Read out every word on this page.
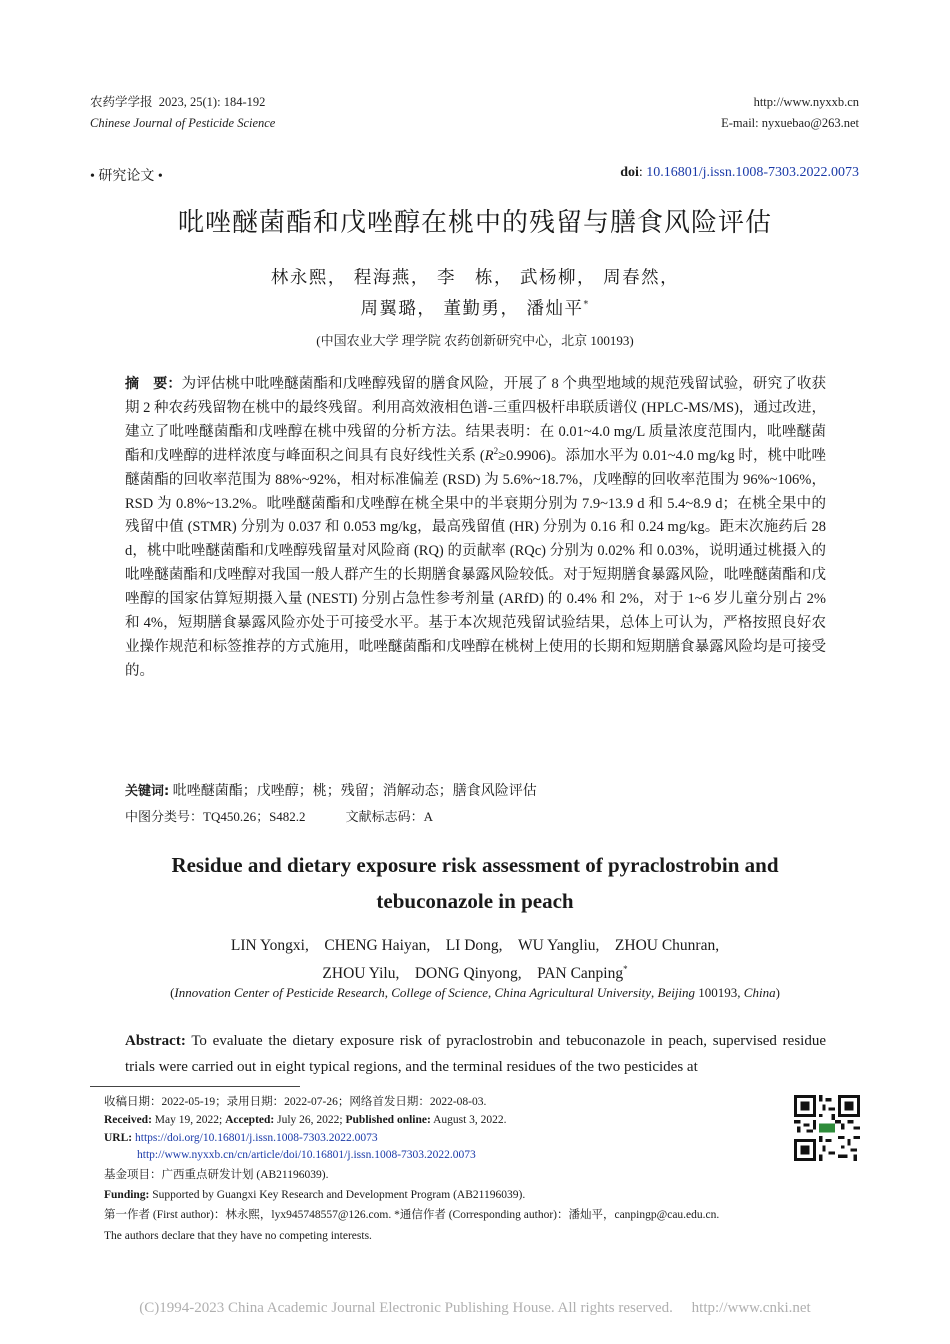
农药学学报 2023, 25(1): 184-192
Chinese Journal of Pesticide Science
http://www.nyxxb.cn
E-mail: nyxuebao@263.net
• 研究论文 •	doi: 10.16801/j.issn.1008-7303.2022.0073
吡唑醚菌酯和戊唑醇在桃中的残留与膳食风险评估
林永熙， 程海燕， 李　栋， 武杨柳， 周春然，
周翼璐， 董勤勇， 潘灿平*
(中国农业大学 理学院 农药创新研究中心，北京 100193)
摘　要：为评估桃中吡唑醚菌酯和戊唑醇残留的膳食风险，开展了 8 个典型地域的规范残留试验，研究了收获期 2 种农药残留物在桃中的最终残留。利用高效液相色谱-三重四极杆串联质谱仪 (HPLC-MS/MS)，通过改进，建立了吡唑醚菌酯和戊唑醇在桃中残留的分析方法。结果表明：在 0.01~4.0 mg/L 质量浓度范围内，吡唑醚菌酯和戊唑醇的进样浓度与峰面积之间具有良好线性关系 $(R^2\ge 0.9906)$。添加水平为 0.01~4.0 mg/kg 时，桃中吡唑醚菌酯的回收率范围为 88%~92%，相对标准偏差 (RSD) 为 5.6%~18.7%，戊唑醇的回收率范围为 96%~106%，RSD 为 0.8%~13.2%。吡唑醚菌酯和戊唑醇在桃全果中的半衰期分别为 7.9~13.9 d 和 5.4~8.9 d；在桃全果中的残留中值 (STMR) 分别为 0.037 和 0.053 mg/kg，最高残留值 (HR) 分别为 0.16 和 0.24 mg/kg。距末次施药后 28 d，桃中吡唑醚菌酯和戊唑醇残留量对风险商 (RQ) 的贡献率 (RQc) 分别为 0.02% 和 0.03%，说明通过桃摄入的吡唑醚菌酯和戊唑醇对我国一般人群产生的长期膳食暴露风险较低。对于短期膳食暴露风险，吡唑醚菌酯和戊唑醇的国家估算短期摄入量 (NESTI) 分别占急性参考剂量 (ARfD) 的 0.4% 和 2%，对于 1~6 岁儿童分别占 2% 和 4%，短期膳食暴露风险亦处于可接受水平。基于本次规范残留试验结果，总体上可认为，严格按照良好农业操作规范和标签推荐的方式施用，吡唑醚菌酯和戊唑醇在桃树上使用的长期和短期膳食暴露风险均是可接受的。
关键词: 吡唑醚菌酯；戊唑醇；桃；残留；消解动态；膳食风险评估
中图分类号：TQ450.26；S482.2	文献标志码：A
Residue and dietary exposure risk assessment of pyraclostrobin and
tebuconazole in peach
LIN Yongxi,　CHENG Haiyan,　LI Dong,　WU Yangliu,　ZHOU Chunran,
ZHOU Yilu,　DONG Qinyong,　PAN Canping*
(Innovation Center of Pesticide Research, College of Science, China Agricultural University, Beijing 100193, China)
Abstract: To evaluate the dietary exposure risk of pyraclostrobin and tebuconazole in peach, supervised residue trials were carried out in eight typical regions, and the terminal residues of the two pesticides at
收稿日期：2022-05-19；录用日期：2022-07-26；网络首发日期：2022-08-03.
Received: May 19, 2022; Accepted: July 26, 2022; Published online: August 3, 2022.
URL: https://doi.org/10.16801/j.issn.1008-7303.2022.0073
http://www.nyxxb.cn/cn/article/doi/10.16801/j.issn.1008-7303.2022.0073
基金项目：广西重点研发计划 (AB21196039).
Funding: Supported by Guangxi Key Research and Development Program (AB21196039).
第一作者 (First author)：林永熙，lyx945748557@126.com. *通信作者 (Corresponding author)：潘灿平，canpingp@cau.edu.cn.
The authors declare that they have no competing interests.
(C)1994-2023 China Academic Journal Electronic Publishing House. All rights reserved.　 http://www.cnki.net
